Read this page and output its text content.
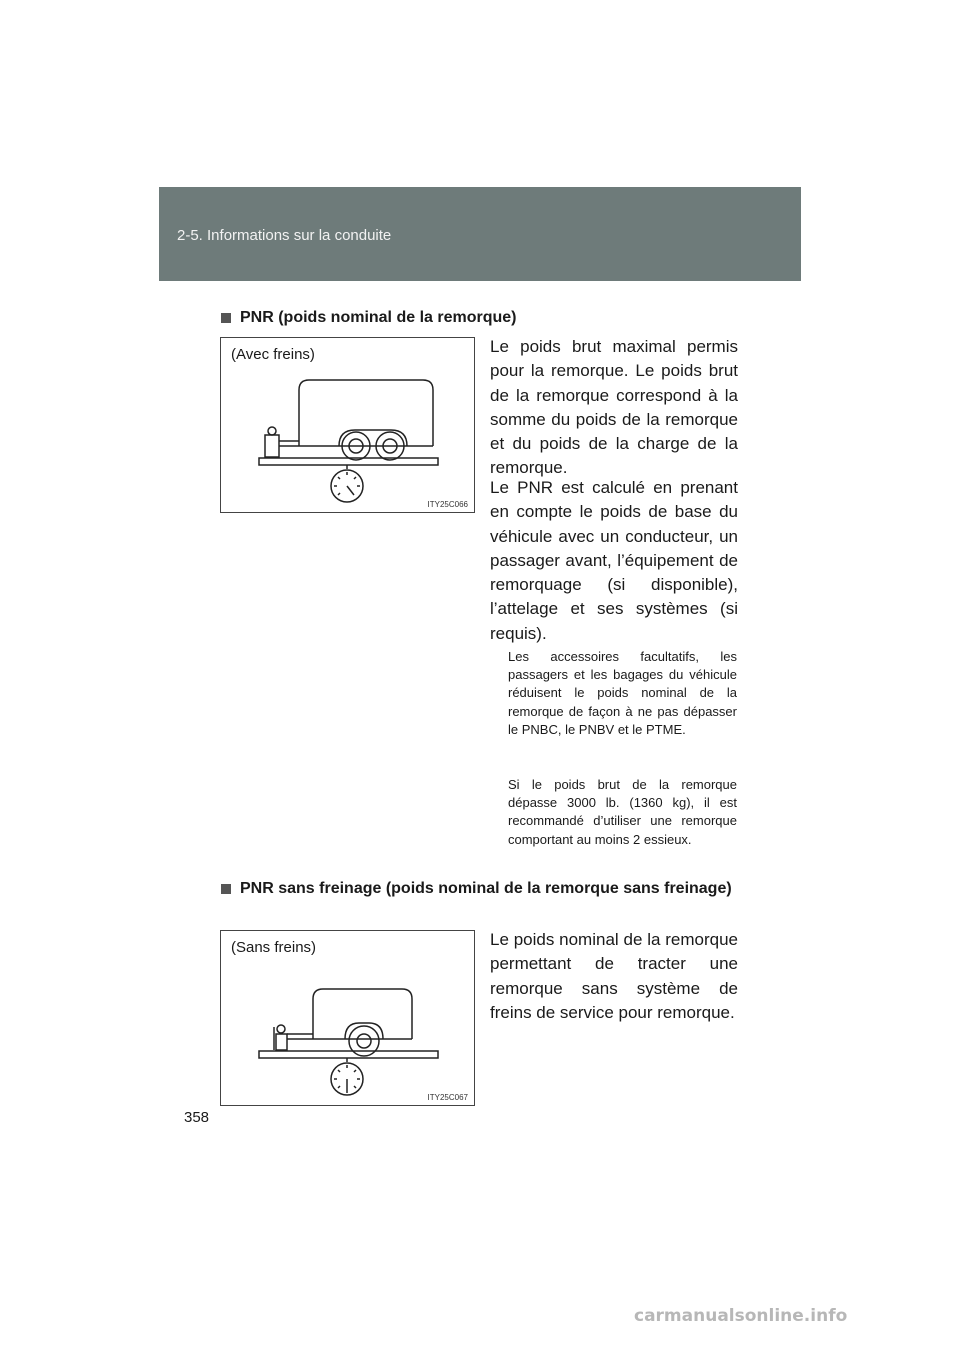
2-5. Informations sur la conduite
PNR (poids nominal de la remorque)
(Avec freins)
ITY25C066

Le poids brut maximal permis pour la remorque. Le poids brut de la remorque correspond à la somme du poids de la remorque et du poids de la charge de la remorque.

Le PNR est calculé en prenant en compte le poids de base du véhicule avec un conducteur, un passager avant, l’équipement de remorquage (si disponible), l’attelage et ses systèmes (si requis).

Les accessoires facultatifs, les passagers et les bagages du véhicule réduisent le poids nominal de la remorque de façon à ne pas dépasser le PNBC, le PNBV et le PTME.

Si le poids brut de la remorque dépasse 3000 lb. (1360 kg), il est recommandé d’utiliser une remorque comportant au moins 2 essieux.

PNR sans freinage (poids nominal de la remorque sans freinage)
(Sans freins)
ITY25C067

Le poids nominal de la remorque permettant de tracter une remorque sans système de freins de service pour remorque.

358
carmanualsonline.info
